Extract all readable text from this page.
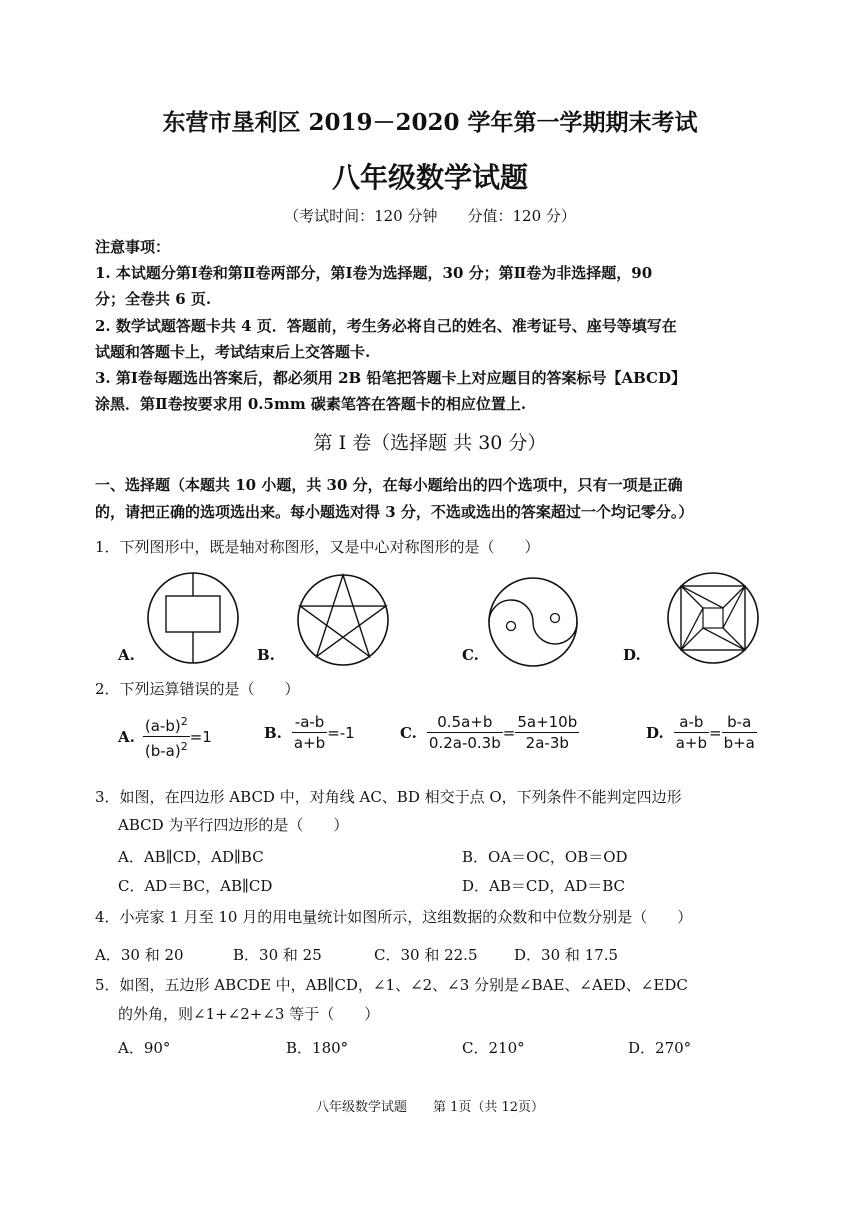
东营市垦利区 2019－2020 学年第一学期期末考试
八年级数学试题
（考试时间：120 分钟　　分值：120 分）
注意事项：
1. 本试题分第Ⅰ卷和第Ⅱ卷两部分，第Ⅰ卷为选择题，30 分；第Ⅱ卷为非选择题，90
分；全卷共 6 页.
2. 数学试题答题卡共 4 页．答题前，考生务必将自己的姓名、准考证号、座号等填写在
试题和答题卡上，考试结束后上交答题卡.
3. 第Ⅰ卷每题选出答案后，都必须用 2B 铅笔把答题卡上对应题目的答案标号【ABCD】
涂黑．第Ⅱ卷按要求用 0.5mm 碳素笔答在答题卡的相应位置上.
第 I 卷（选择题 共 30 分）
一、选择题（本题共 10 小题，共 30 分，在每小题给出的四个选项中，只有一项是正确
的，请把正确的选项选出来。每小题选对得 3 分，不选或选出的答案超过一个均记零分。）
1．下列图形中，既是轴对称图形，又是中心对称图形的是（　　）
A.	B.	C.	D.
2．下列运算错误的是（　　）
A. $\frac{(a-b)^2}{(b-a)^2} =1$	B. $\frac{-a-b}{a+b} =-1$	C. $\frac{0.5a+b}{0.2a-0.3b} = \frac{5a+10b}{2a-3b}$	D. $\frac{a-b}{a+b} = \frac{b-a}{b+a}$
3．如图，在四边形 ABCD 中，对角线 AC、BD 相交于点 O，下列条件不能判定四边形
ABCD 为平行四边形的是（　　）
A．AB∥CD，AD∥BC	B．OA＝OC，OB＝OD
C．AD＝BC，AB∥CD	D．AB＝CD，AD＝BC
4．小亮家 1 月至 10 月的用电量统计如图所示，这组数据的众数和中位数分别是（　　）
A．30 和 20	B．30 和 25	C．30 和 22.5 D．30 和 17.5
5．如图，五边形 ABCDE 中，AB∥CD，∠1、∠2、∠3 分别是∠BAE、∠AED、∠EDC
的外角，则∠1+∠2+∠3 等于（　　）
A．90°	B．180°	C．210°	D．270°
八年级数学试题　　第 1页（共 12页）
